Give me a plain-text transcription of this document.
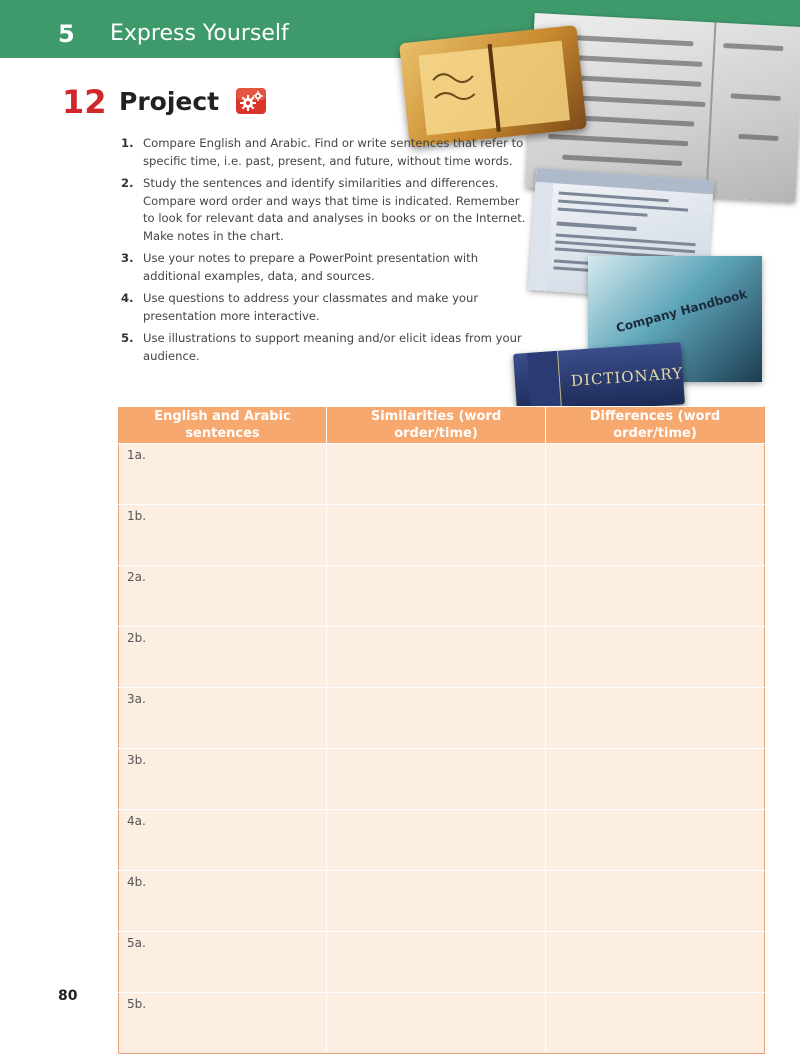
5 Express Yourself
Company Handbook
DICTIONARY
12 Project
1. Compare English and Arabic. Find or write sentences that refer to specific time, i.e. past, present, and future, without time words.
2. Study the sentences and identify similarities and differences. Compare word order and ways that time is indicated. Remember to look for relevant data and analyses in books or on the Internet. Make notes in the chart.
3. Use your notes to prepare a PowerPoint presentation with additional examples, data, and sources.
4. Use questions to address your classmates and make your presentation more interactive.
5. Use illustrations to support meaning and/or elicit ideas from your audience.
English and Arabic sentences	Similarities (word order/time)	Differences (word order/time)
1a.		
1b.		
2a.		
2b.		
3a.		
3b.		
4a.		
4b.		
5a.		
5b.		
80
